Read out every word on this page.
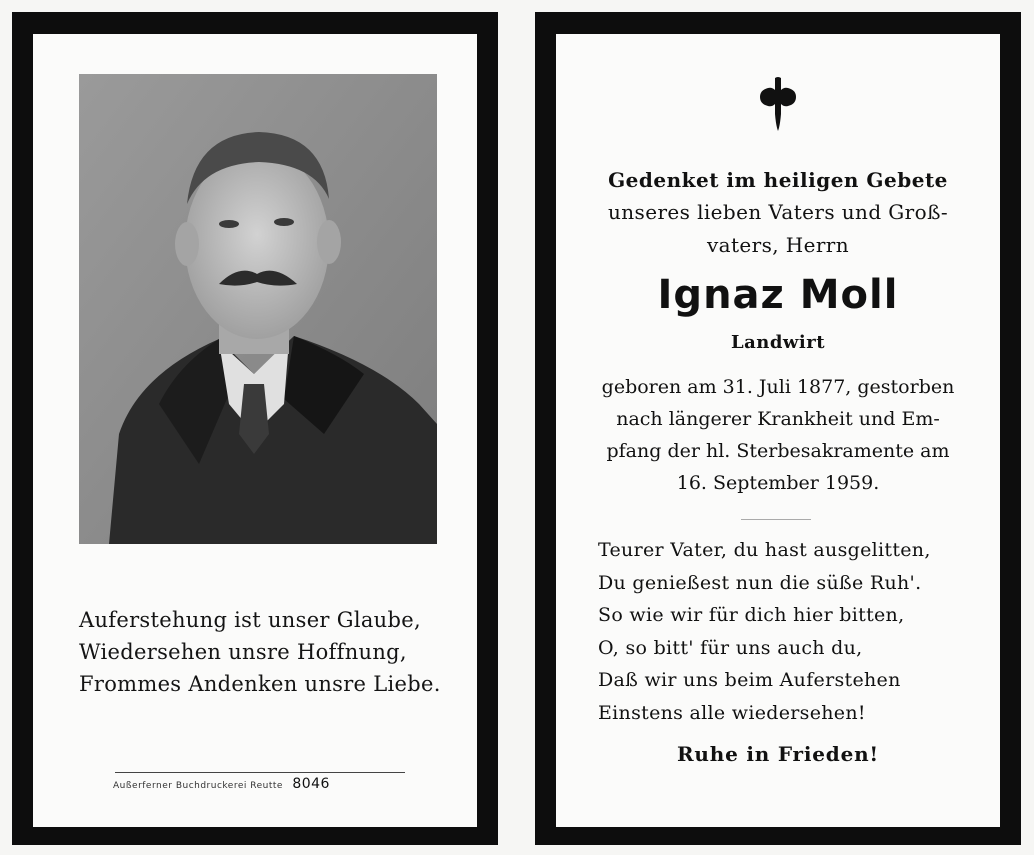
Auferstehung ist unser Glaube,
Wiedersehen unsre Hoffnung,
Frommes Andenken unsre Liebe.
Außerferner Buchdruckerei Reutte 8046
Gedenket im heiligen Gebete
unseres lieben Vaters und Groß-
vaters, Herrn
Ignaz Moll
Landwirt
geboren am 31. Juli 1877, gestorben
nach längerer Krankheit und Em-
pfang der hl. Sterbesakramente am
16. September 1959.
Teurer Vater, du hast ausgelitten,
Du genießest nun die süße Ruh'.
So wie wir für dich hier bitten,
O, so bitt' für uns auch du,
Daß wir uns beim Auferstehen
Einstens alle wiedersehen!
Ruhe in Frieden!
